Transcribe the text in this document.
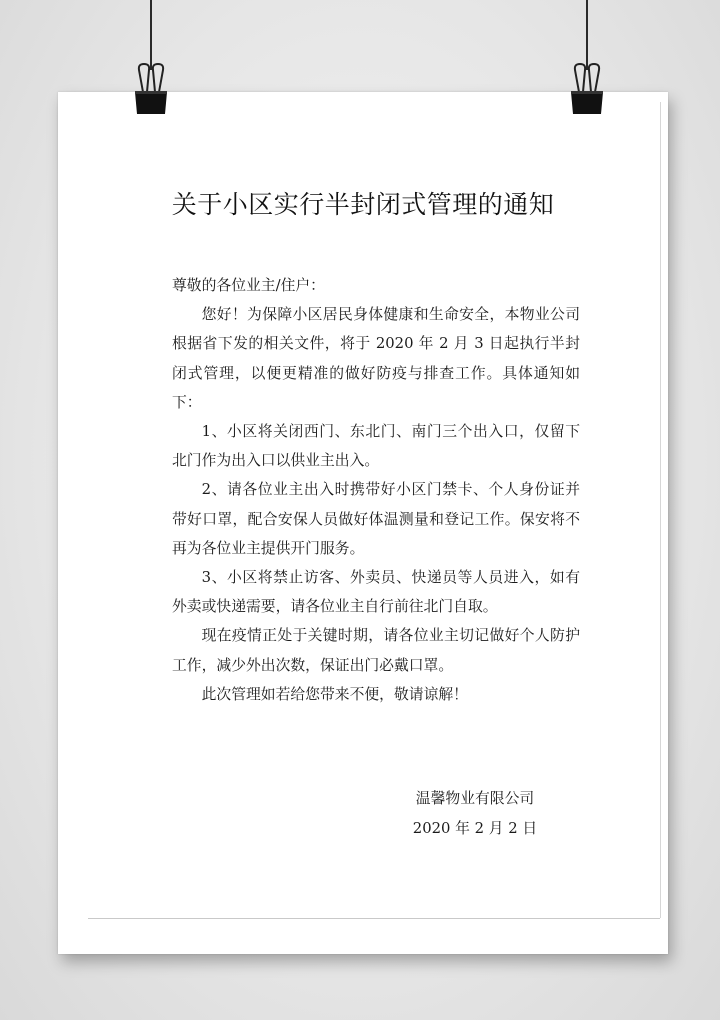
关于小区实行半封闭式管理的通知

尊敬的各位业主/住户：

您好！为保障小区居民身体健康和生命安全，本物业公司根据省下发的相关文件，将于 2020 年 2 月 3 日起执行半封闭式管理，以便更精准的做好防疫与排查工作。具体通知如下：

1、小区将关闭西门、东北门、南门三个出入口，仅留下北门作为出入口以供业主出入。

2、请各位业主出入时携带好小区门禁卡、个人身份证并带好口罩，配合安保人员做好体温测量和登记工作。保安将不再为各位业主提供开门服务。

3、小区将禁止访客、外卖员、快递员等人员进入，如有外卖或快递需要，请各位业主自行前往北门自取。

现在疫情正处于关键时期，请各位业主切记做好个人防护工作，减少外出次数，保证出门必戴口罩。

此次管理如若给您带来不便，敬请谅解！

温馨物业有限公司

2020 年 2 月 2 日
